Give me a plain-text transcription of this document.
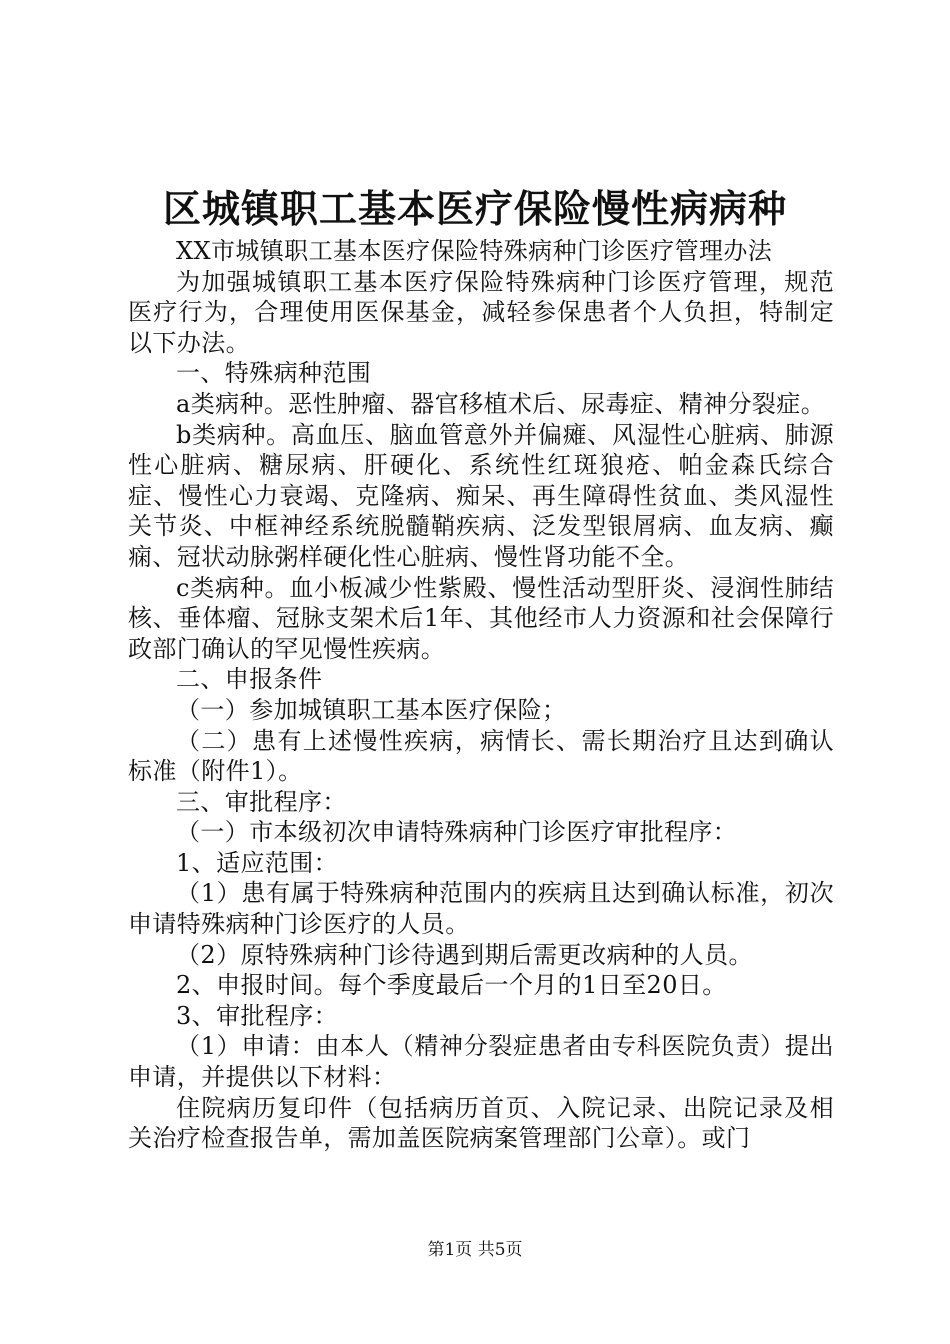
区城镇职工基本医疗保险慢性病病种

XX市城镇职工基本医疗保险特殊病种门诊医疗管理办法

为加强城镇职工基本医疗保险特殊病种门诊医疗管理，规范医疗行为，合理使用医保基金，减轻参保患者个人负担，特制定以下办法。

一、特殊病种范围

a类病种。恶性肿瘤、器官移植术后、尿毒症、精神分裂症。

b类病种。高血压、脑血管意外并偏瘫、风湿性心脏病、肺源性心脏病、糖尿病、肝硬化、系统性红斑狼疮、帕金森氏综合症、慢性心力衰竭、克隆病、痴呆、再生障碍性贫血、类风湿性关节炎、中框神经系统脱髓鞘疾病、泛发型银屑病、血友病、癫痫、冠状动脉粥样硬化性心脏病、慢性肾功能不全。

c类病种。血小板减少性紫殿、慢性活动型肝炎、浸润性肺结核、垂体瘤、冠脉支架术后1年、其他经市人力资源和社会保障行政部门确认的罕见慢性疾病。

二、申报条件

（一）参加城镇职工基本医疗保险；

（二）患有上述慢性疾病，病情长、需长期治疗且达到确认标准（附件1）。

三、审批程序：

（一）市本级初次申请特殊病种门诊医疗审批程序：

1、适应范围：

（1）患有属于特殊病种范围内的疾病且达到确认标准，初次申请特殊病种门诊医疗的人员。

（2）原特殊病种门诊待遇到期后需更改病种的人员。

2、申报时间。每个季度最后一个月的1日至20日。

3、审批程序：

（1）申请：由本人（精神分裂症患者由专科医院负责）提出申请，并提供以下材料：

住院病历复印件（包括病历首页、入院记录、出院记录及相关治疗检查报告单，需加盖医院病案管理部门公章）。或门

第1页 共5页
